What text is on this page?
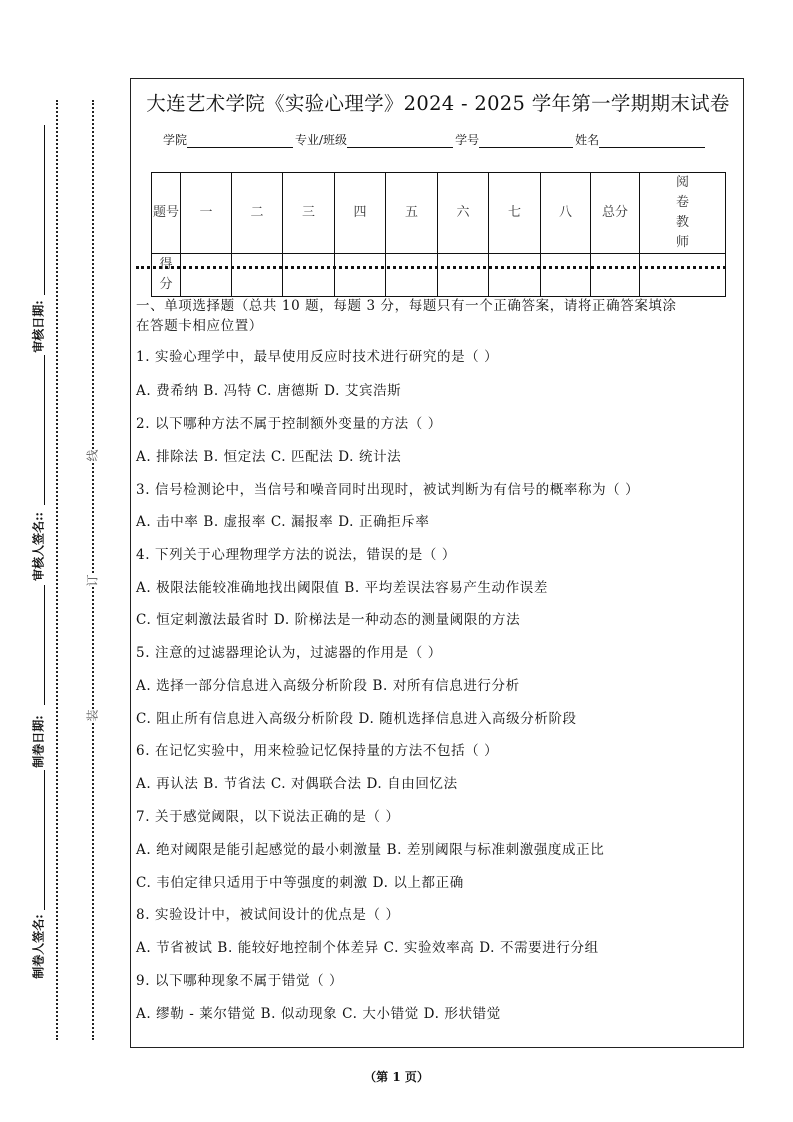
审核日期:
审核人签名::
制卷日期:
制卷人签名:
线
订
装
大连艺术学院《实验心理学》2024 - 2025 学年第一学期期末试卷
学院	专业/班级	学号	姓名
题号	一	二	三	四	五	六	七	八	总分	阅卷教师
得分										
一、单项选择题（总共 10 题，每题 3 分，每题只有一个正确答案，请将正确答案填涂
在答题卡相应位置）
1. 实验心理学中，最早使用反应时技术进行研究的是（ ）
A. 费希纳 B. 冯特 C. 唐德斯 D. 艾宾浩斯
2. 以下哪种方法不属于控制额外变量的方法（ ）
A. 排除法 B. 恒定法 C. 匹配法 D. 统计法
3. 信号检测论中，当信号和噪音同时出现时，被试判断为有信号的概率称为（ ）
A. 击中率 B. 虚报率 C. 漏报率 D. 正确拒斥率
4. 下列关于心理物理学方法的说法，错误的是（ ）
A. 极限法能较准确地找出阈限值 B. 平均差误法容易产生动作误差
C. 恒定刺激法最省时 D. 阶梯法是一种动态的测量阈限的方法
5. 注意的过滤器理论认为，过滤器的作用是（ ）
A. 选择一部分信息进入高级分析阶段 B. 对所有信息进行分析
C. 阻止所有信息进入高级分析阶段 D. 随机选择信息进入高级分析阶段
6. 在记忆实验中，用来检验记忆保持量的方法不包括（ ）
A. 再认法 B. 节省法 C. 对偶联合法 D. 自由回忆法
7. 关于感觉阈限，以下说法正确的是（ ）
A. 绝对阈限是能引起感觉的最小刺激量 B. 差别阈限与标准刺激强度成正比
C. 韦伯定律只适用于中等强度的刺激 D. 以上都正确
8. 实验设计中，被试间设计的优点是（ ）
A. 节省被试 B. 能较好地控制个体差异 C. 实验效率高 D. 不需要进行分组
9. 以下哪种现象不属于错觉（ ）
A. 缪勒 - 莱尔错觉 B. 似动现象 C. 大小错觉 D. 形状错觉
（第 1 页）
